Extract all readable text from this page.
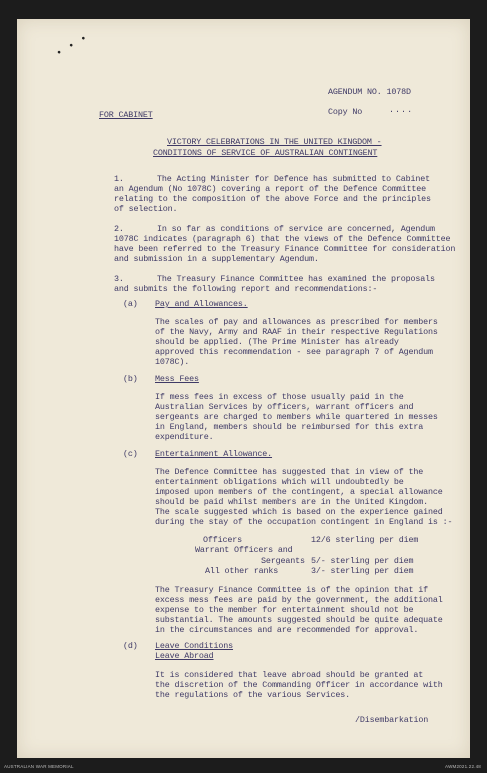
• • •
AGENDUM NO. 1078D
Copy No	....
FOR CABINET
VICTORY CELEBRATIONS IN THE UNITED KINGDOM -
CONDITIONS OF SERVICE OF AUSTRALIAN CONTINGENT
1.	The Acting Minister for Defence has submitted to Cabinet
an Agendum (No 1078C) covering a report of the Defence Committee
relating to the composition of the above Force and the principles
of selection.
2.	In so far as conditions of service are concerned, Agendum
1078C indicates (paragraph 6) that the views of the Defence Committee
have been referred to the Treasury Finance Committee for consideration
and submission in a supplementary Agendum.
3.	The Treasury Finance Committee has examined the proposals
and submits the following report and recommendations:-
(a) Pay and Allowances.
The scales of pay and allowances as prescribed for members
of the Navy, Army and RAAF in their respective Regulations
should be applied. (The Prime Minister has already
approved this recommendation - see paragraph 7 of Agendum
1078C).
(b) Mess Fees
If mess fees in excess of those usually paid in the
Australian Services by officers, warrant officers and
sergeants are charged to members while quartered in messes
in England, members should be reimbursed for this extra
expenditure.
(c) Entertainment Allowance.
The Defence Committee has suggested that in view of the
entertainment obligations which will undoubtedly be
imposed upon members of the contingent, a special allowance
should be paid whilst members are in the United Kingdom.
The scale suggested which is based on the experience gained
during the stay of the occupation contingent in England is :-
Officers	12/6 sterling per diem
Warrant Officers and
Sergeants 5/- sterling per diem
All other ranks	3/- sterling per diem
The Treasury Finance Committee is of the opinion that if
excess mess fees are paid by the government, the additional
expense to the member for entertainment should not be
substantial. The amounts suggested should be quite adequate
in the circumstances and are recommended for approval.
(d) Leave Conditions
Leave Abroad
It is considered that leave abroad should be granted at
the discretion of the Commanding Officer in accordance with
the regulations of the various Services.
/Disembarkation
AUSTRALIAN WAR MEMORIAL	AWM2021.22.48
